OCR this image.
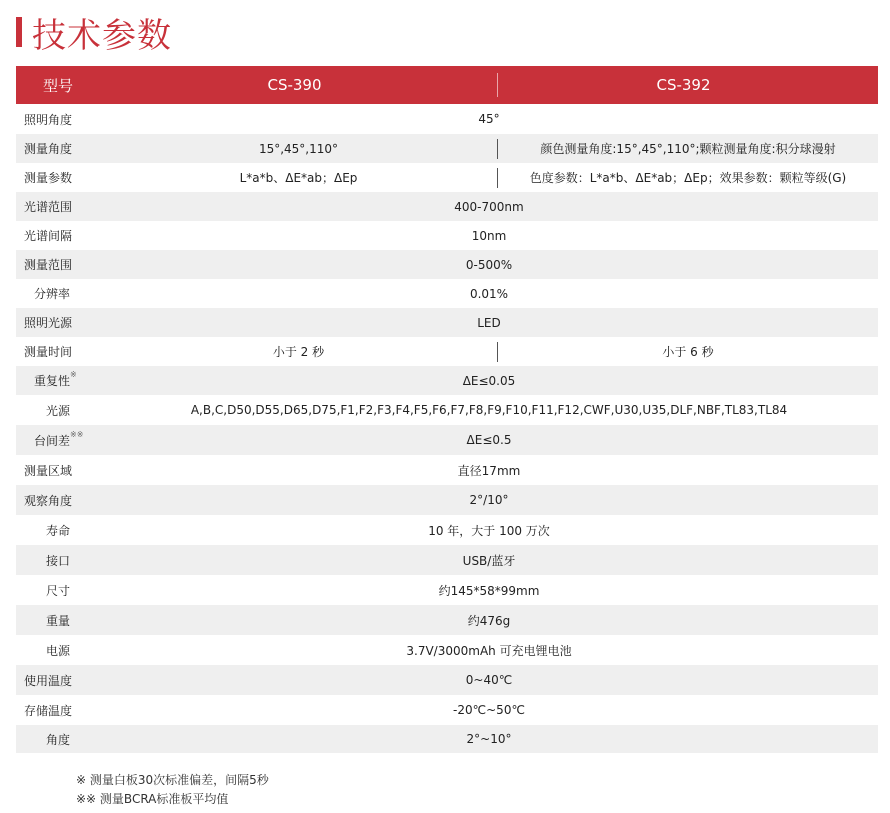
技术参数
型号	CS-390	CS-392
照明角度	45°
测量角度	15°,45°,110°	颜色测量角度:15°,45°,110°;颗粒测量角度:积分球漫射
测量参数	L*a*b、ΔE*ab；ΔEp	色度参数：L*a*b、ΔE*ab；ΔEp；效果参数：颗粒等级(G)
光谱范围	400-700nm
光谱间隔	10nm
测量范围	0-500%
分辨率	0.01%
照明光源	LED
测量时间	小于 2 秒	小于 6 秒
重复性※	ΔE≤0.05
光源	A,B,C,D50,D55,D65,D75,F1,F2,F3,F4,F5,F6,F7,F8,F9,F10,F11,F12,CWF,U30,U35,DLF,NBF,TL83,TL84
台间差※※	ΔE≤0.5
测量区域	直径17mm
观察角度	2°/10°
寿命	10 年，大于 100 万次
接口	USB/蓝牙
尺寸	约145*58*99mm
重量	约476g
电源	3.7V/3000mAh 可充电锂电池
使用温度	0~40℃
存储温度	-20℃~50℃
角度	2°~10°
※ 测量白板30次标准偏差，间隔5秒
※※ 测量BCRA标准板平均值
